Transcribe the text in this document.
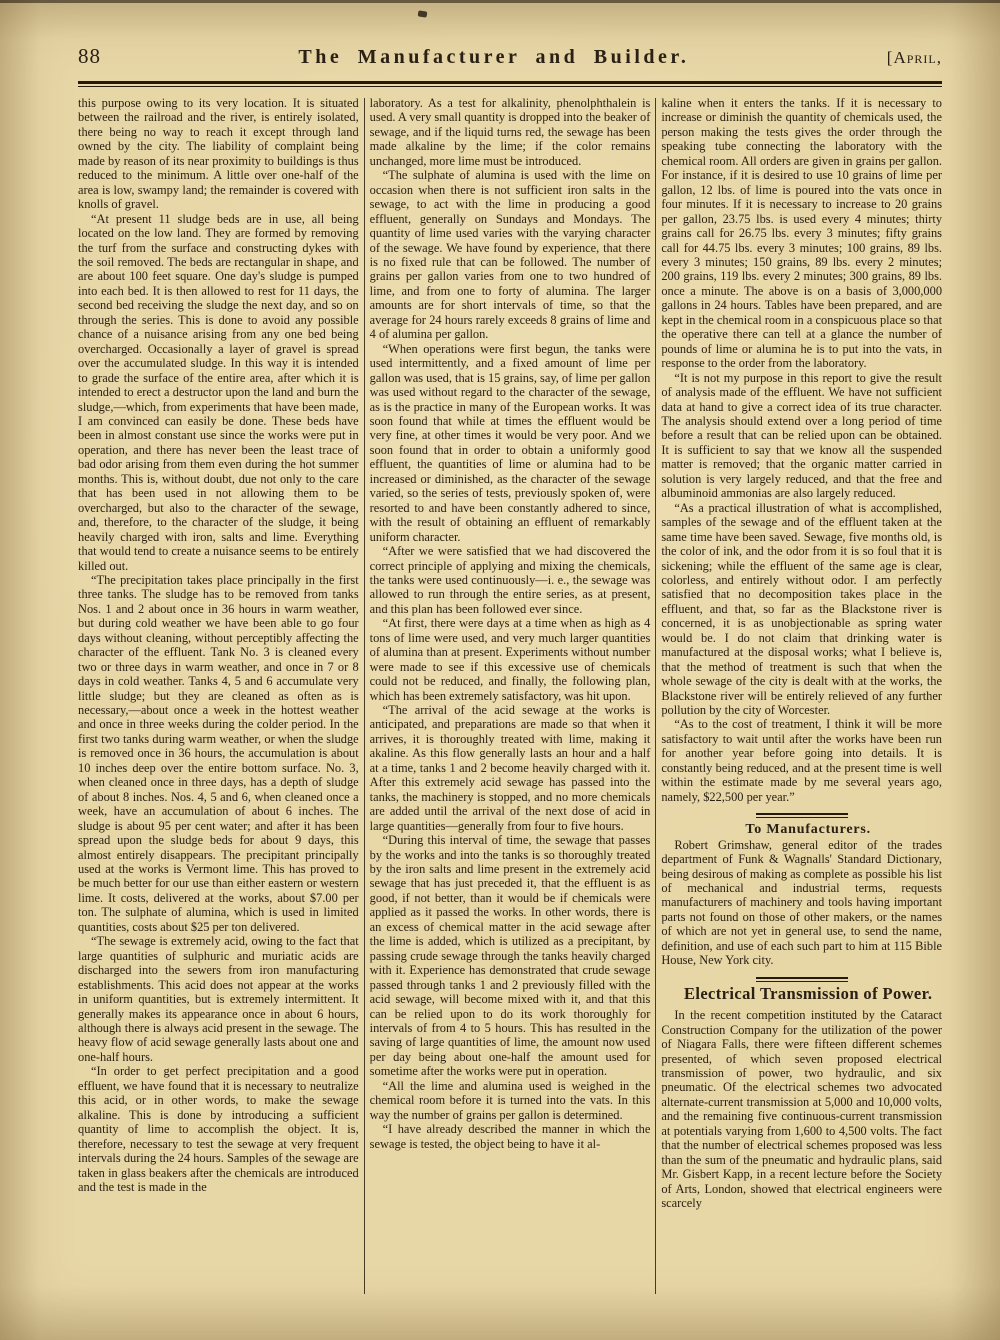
88	The Manufacturer and Builder.	[April,

this purpose owing to its very location. It is situated between the railroad and the river, is entirely isolated, there being no way to reach it except through land owned by the city. The liability of complaint being made by reason of its near proximity to buildings is thus reduced to the minimum. A little over one-half of the area is low, swampy land; the remainder is covered with knolls of gravel.

“At present 11 sludge beds are in use, all being located on the low land. They are formed by removing the turf from the surface and constructing dykes with the soil removed. The beds are rectangular in shape, and are about 100 feet square. One day's sludge is pumped into each bed. It is then allowed to rest for 11 days, the second bed receiving the sludge the next day, and so on through the series. This is done to avoid any possible chance of a nuisance arising from any one bed being overcharged. Occasionally a layer of gravel is spread over the accumulated sludge. In this way it is intended to grade the surface of the entire area, after which it is intended to erect a destructor upon the land and burn the sludge,—which, from experiments that have been made, I am convinced can easily be done. These beds have been in almost constant use since the works were put in operation, and there has never been the least trace of bad odor arising from them even during the hot summer months. This is, without doubt, due not only to the care that has been used in not allowing them to be overcharged, but also to the character of the sewage, and, therefore, to the character of the sludge, it being heavily charged with iron, salts and lime. Everything that would tend to create a nuisance seems to be entirely killed out.

“The precipitation takes place principally in the first three tanks. The sludge has to be removed from tanks Nos. 1 and 2 about once in 36 hours in warm weather, but during cold weather we have been able to go four days without cleaning, without perceptibly affecting the character of the effluent. Tank No. 3 is cleaned every two or three days in warm weather, and once in 7 or 8 days in cold weather. Tanks 4, 5 and 6 accumulate very little sludge; but they are cleaned as often as is necessary,—about once a week in the hottest weather and once in three weeks during the colder period. In the first two tanks during warm weather, or when the sludge is removed once in 36 hours, the accumulation is about 10 inches deep over the entire bottom surface. No. 3, when cleaned once in three days, has a depth of sludge of about 8 inches. Nos. 4, 5 and 6, when cleaned once a week, have an accumulation of about 6 inches. The sludge is about 95 per cent water; and after it has been spread upon the sludge beds for about 9 days, this almost entirely disappears. The precipitant principally used at the works is Vermont lime. This has proved to be much better for our use than either eastern or western lime. It costs, delivered at the works, about $7.00 per ton. The sulphate of alumina, which is used in limited quantities, costs about $25 per ton delivered.

“The sewage is extremely acid, owing to the fact that large quantities of sulphuric and muriatic acids are discharged into the sewers from iron manufacturing establishments. This acid does not appear at the works in uniform quantities, but is extremely intermittent. It generally makes its appearance once in about 6 hours, although there is always acid present in the sewage. The heavy flow of acid sewage generally lasts about one and one-half hours.

“In order to get perfect precipitation and a good effluent, we have found that it is necessary to neutralize this acid, or in other words, to make the sewage alkaline. This is done by introducing a sufficient quantity of lime to accomplish the object. It is, therefore, necessary to test the sewage at very frequent intervals during the 24 hours. Samples of the sewage are taken in glass beakers after the chemicals are introduced and the test is made in the

laboratory. As a test for alkalinity, phenolphthalein is used. A very small quantity is dropped into the beaker of sewage, and if the liquid turns red, the sewage has been made alkaline by the lime; if the color remains unchanged, more lime must be introduced.

“The sulphate of alumina is used with the lime on occasion when there is not sufficient iron salts in the sewage, to act with the lime in producing a good effluent, generally on Sundays and Mondays. The quantity of lime used varies with the varying character of the sewage. We have found by experience, that there is no fixed rule that can be followed. The number of grains per gallon varies from one to two hundred of lime, and from one to forty of alumina. The larger amounts are for short intervals of time, so that the average for 24 hours rarely exceeds 8 grains of lime and 4 of alumina per gallon.

“When operations were first begun, the tanks were used intermittently, and a fixed amount of lime per gallon was used, that is 15 grains, say, of lime per gallon was used without regard to the character of the sewage, as is the practice in many of the European works. It was soon found that while at times the effluent would be very fine, at other times it would be very poor. And we soon found that in order to obtain a uniformly good effluent, the quantities of lime or alumina had to be increased or diminished, as the character of the sewage varied, so the series of tests, previously spoken of, were resorted to and have been constantly adhered to since, with the result of obtaining an effluent of remarkably uniform character.

“After we were satisfied that we had discovered the correct principle of applying and mixing the chemicals, the tanks were used continuously—i. e., the sewage was allowed to run through the entire series, as at present, and this plan has been followed ever since.

“At first, there were days at a time when as high as 4 tons of lime were used, and very much larger quantities of alumina than at present. Experiments without number were made to see if this excessive use of chemicals could not be reduced, and finally, the following plan, which has been extremely satisfactory, was hit upon.

“The arrival of the acid sewage at the works is anticipated, and preparations are made so that when it arrives, it is thoroughly treated with lime, making it akaline. As this flow generally lasts an hour and a half at a time, tanks 1 and 2 become heavily charged with it. After this extremely acid sewage has passed into the tanks, the machinery is stopped, and no more chemicals are added until the arrival of the next dose of acid in large quantities—generally from four to five hours.

“During this interval of time, the sewage that passes by the works and into the tanks is so thoroughly treated by the iron salts and lime present in the extremely acid sewage that has just preceded it, that the effluent is as good, if not better, than it would be if chemicals were applied as it passed the works. In other words, there is an excess of chemical matter in the acid sewage after the lime is added, which is utilized as a precipitant, by passing crude sewage through the tanks heavily charged with it. Experience has demonstrated that crude sewage passed through tanks 1 and 2 previously filled with the acid sewage, will become mixed with it, and that this can be relied upon to do its work thoroughly for intervals of from 4 to 5 hours. This has resulted in the saving of large quantities of lime, the amount now used per day being about one-half the amount used for sometime after the works were put in operation.

“All the lime and alumina used is weighed in the chemical room before it is turned into the vats. In this way the number of grains per gallon is determined.

“I have already described the manner in which the sewage is tested, the object being to have it al-

kaline when it enters the tanks. If it is necessary to increase or diminish the quantity of chemicals used, the person making the tests gives the order through the speaking tube connecting the laboratory with the chemical room. All orders are given in grains per gallon. For instance, if it is desired to use 10 grains of lime per gallon, 12 lbs. of lime is poured into the vats once in four minutes. If it is necessary to increase to 20 grains per gallon, 23.75 lbs. is used every 4 minutes; thirty grains call for 26.75 lbs. every 3 minutes; fifty grains call for 44.75 lbs. every 3 minutes; 100 grains, 89 lbs. every 3 minutes; 150 grains, 89 lbs. every 2 minutes; 200 grains, 119 lbs. every 2 minutes; 300 grains, 89 lbs. once a minute. The above is on a basis of 3,000,000 gallons in 24 hours. Tables have been prepared, and are kept in the chemical room in a conspicuous place so that the operative there can tell at a glance the number of pounds of lime or alumina he is to put into the vats, in response to the order from the laboratory.

“It is not my purpose in this report to give the result of analysis made of the effluent. We have not sufficient data at hand to give a correct idea of its true character. The analysis should extend over a long period of time before a result that can be relied upon can be obtained. It is sufficient to say that we know all the suspended matter is removed; that the organic matter carried in solution is very largely reduced, and that the free and albuminoid ammonias are also largely reduced.

“As a practical illustration of what is accomplished, samples of the sewage and of the effluent taken at the same time have been saved. Sewage, five months old, is the color of ink, and the odor from it is so foul that it is sickening; while the effluent of the same age is clear, colorless, and entirely without odor. I am perfectly satisfied that no decomposition takes place in the effluent, and that, so far as the Blackstone river is concerned, it is as unobjectionable as spring water would be. I do not claim that drinking water is manufactured at the disposal works; what I believe is, that the method of treatment is such that when the whole sewage of the city is dealt with at the works, the Blackstone river will be entirely relieved of any further pollution by the city of Worcester.

“As to the cost of treatment, I think it will be more satisfactory to wait until after the works have been run for another year before going into details. It is constantly being reduced, and at the present time is well within the estimate made by me several years ago, namely, $22,500 per year.”

To Manufacturers.

Robert Grimshaw, general editor of the trades department of Funk & Wagnalls' Standard Dictionary, being desirous of making as complete as possible his list of mechanical and industrial terms, requests manufacturers of machinery and tools having important parts not found on those of other makers, or the names of which are not yet in general use, to send the name, definition, and use of each such part to him at 115 Bible House, New York city.

Electrical Transmission of Power.

In the recent competition instituted by the Cataract Construction Company for the utilization of the power of Niagara Falls, there were fifteen different schemes presented, of which seven proposed electrical transmission of power, two hydraulic, and six pneumatic. Of the electrical schemes two advocated alternate-current transmission at 5,000 and 10,000 volts, and the remaining five continuous-current transmission at potentials varying from 1,600 to 4,500 volts. The fact that the number of electrical schemes proposed was less than the sum of the pneumatic and hydraulic plans, said Mr. Gisbert Kapp, in a recent lecture before the Society of Arts, London, showed that electrical engineers were scarcely
